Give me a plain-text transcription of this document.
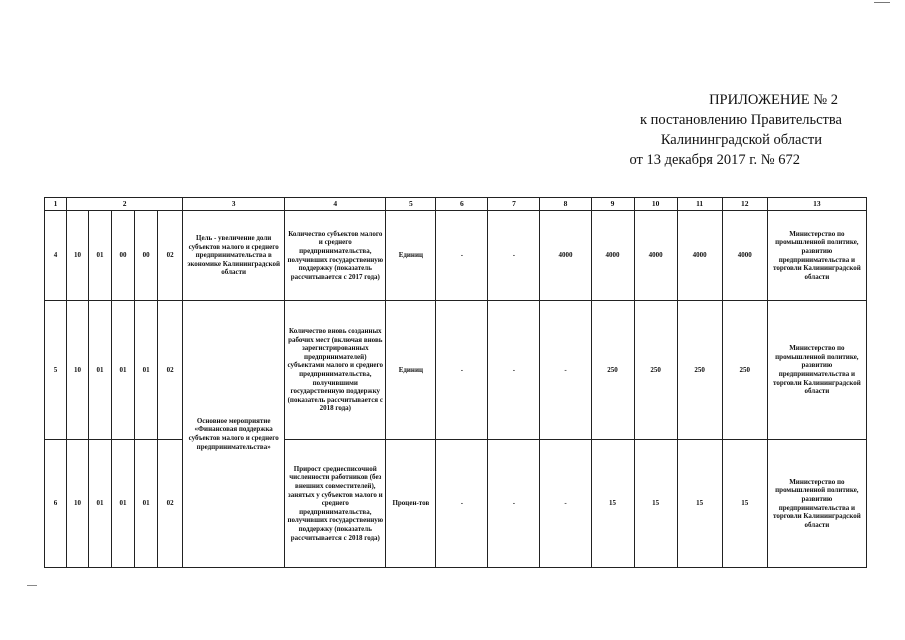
ПРИЛОЖЕНИЕ № 2
к постановлению Правительства
Калининградской области
от 13 декабря 2017 г. № 672
1	2					3	4	5	6	7	8	9	10	11	12	13
4	10	01	00	00	02	Цель - увеличение доли субъектов малого и среднего предпринимательства в экономике Калининградской области	Количество субъектов малого и среднего предпринимательства, получивших государственную поддержку (показатель рассчитывается с 2017 года)	Единиц	-	-	4000	4000	4000	4000	4000	Министерство по промышленной политике, развитию предпринимательства и торговли Калининградской области
5	10	01	01	01	02	Основное мероприятие «Финансовая поддержка субъектов малого и среднего предпринимательства»	Количество вновь созданных рабочих мест (включая вновь зарегистрированных предпринимателей) субъектами малого и среднего предпринимательства, получившими государственную поддержку (показатель рассчитывается с 2018 года)	Единиц	-	-	-	250	250	250	250	Министерство по промышленной политике, развитию предпринимательства и торговли Калининградской области
6	10	01	01	01	02		Прирост среднесписочной численности работников (без внешних совместителей), занятых у субъектов малого и среднего предпринимательства, получивших государственную поддержку (показатель рассчитывается с 2018 года)	Процен-тов	-	-	-	15	15	15	15	Министерство по промышленной политике, развитию предпринимательства и торговли Калининградской области
